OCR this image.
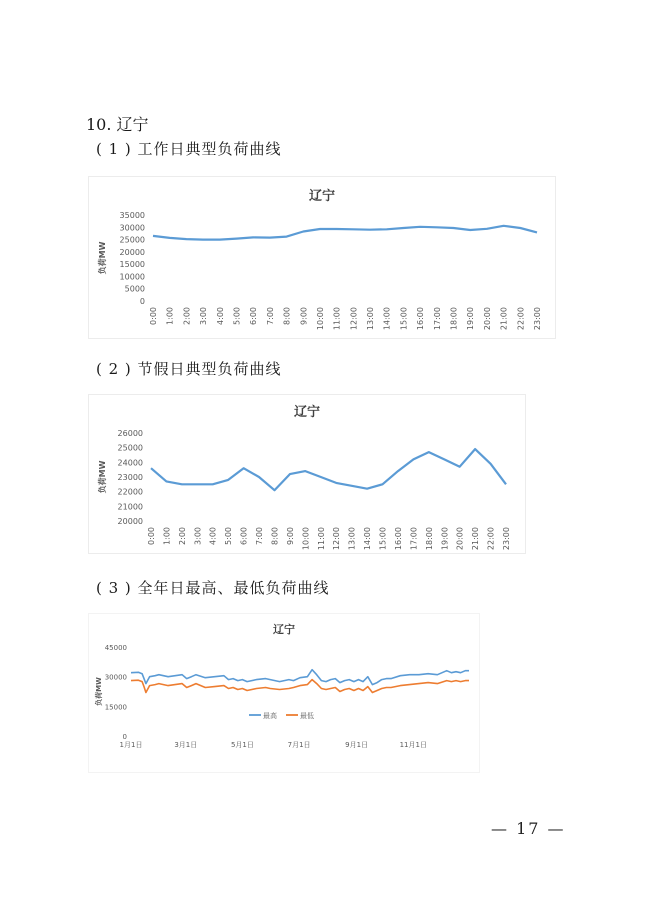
10. 辽宁
( 1 ) 工作日典型负荷曲线
( 2 ) 节假日典型负荷曲线
( 3 ) 全年日最高、最低负荷曲线
辽宁
负荷MW
0
5000
10000
15000
20000
25000
30000
35000
0:00 1:00 2:00 3:00 4:00 5:00 6:00 7:00 8:00 9:00 10:00 11:00 12:00 13:00 14:00 15:00 16:00 17:00 18:00 19:00 20:00 21:00 22:00 23:00
辽宁
负荷MW
20000
21000
22000
23000
24000
25000
26000
0:00 1:00 2:00 3:00 4:00 5:00 6:00 7:00 8:00 9:00 10:00 11:00 12:00 13:00 14:00 15:00 16:00 17:00 18:00 19:00 20:00 21:00 22:00 23:00
辽宁
负荷MW
0
15000
30000
45000
1月1日	3月1日	5月1日	7月1日	9月1日	11月1日
最高	最低
— 17 —
